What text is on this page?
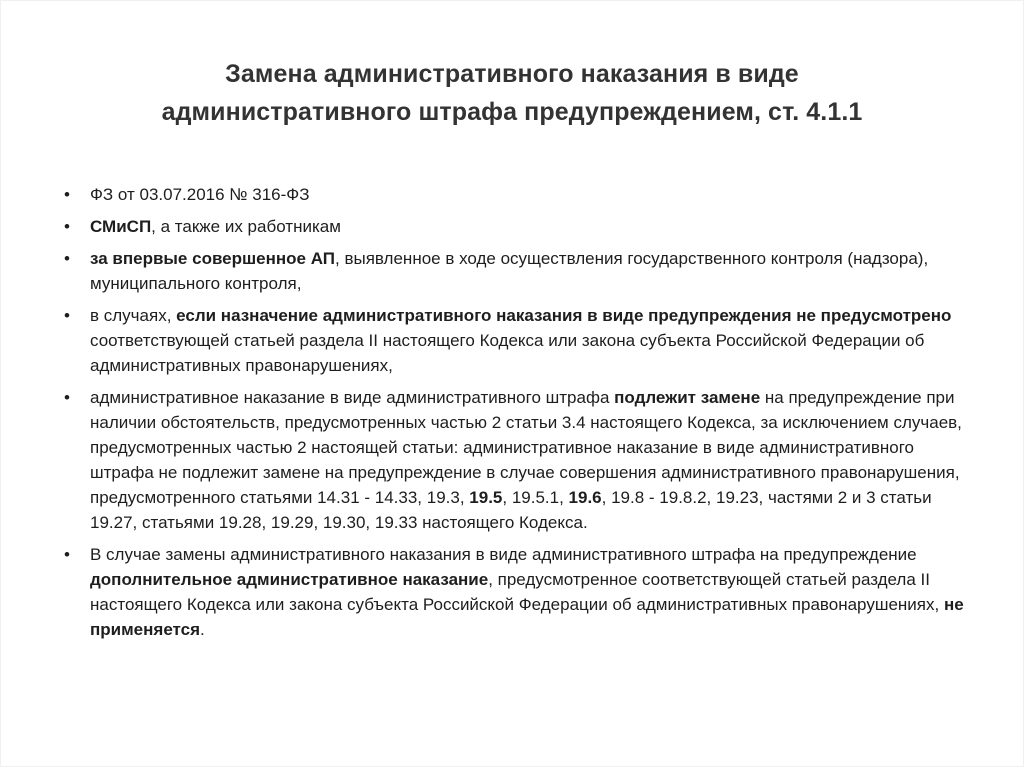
Замена административного наказания в виде
административного штрафа предупреждением, ст. 4.1.1
• ФЗ от 03.07.2016 № 316-ФЗ
• СМиСП, а также их работникам
• за впервые совершенное АП, выявленное в ходе осуществления государственного контроля (надзора), муниципального контроля,
• в случаях, если назначение административного наказания в виде предупреждения не предусмотрено соответствующей статьей раздела II настоящего Кодекса или закона субъекта Российской Федерации об административных правонарушениях,
• административное наказание в виде административного штрафа подлежит замене на предупреждение при наличии обстоятельств, предусмотренных частью 2 статьи 3.4 настоящего Кодекса, за исключением случаев, предусмотренных частью 2 настоящей статьи: административное наказание в виде административного штрафа не подлежит замене на предупреждение в случае совершения административного правонарушения, предусмотренного статьями 14.31 - 14.33, 19.3, 19.5, 19.5.1, 19.6, 19.8 - 19.8.2, 19.23, частями 2 и 3 статьи 19.27, статьями 19.28, 19.29, 19.30, 19.33 настоящего Кодекса.
• В случае замены административного наказания в виде административного штрафа на предупреждение дополнительное административное наказание, предусмотренное соответствующей статьей раздела II настоящего Кодекса или закона субъекта Российской Федерации об административных правонарушениях, не применяется.
